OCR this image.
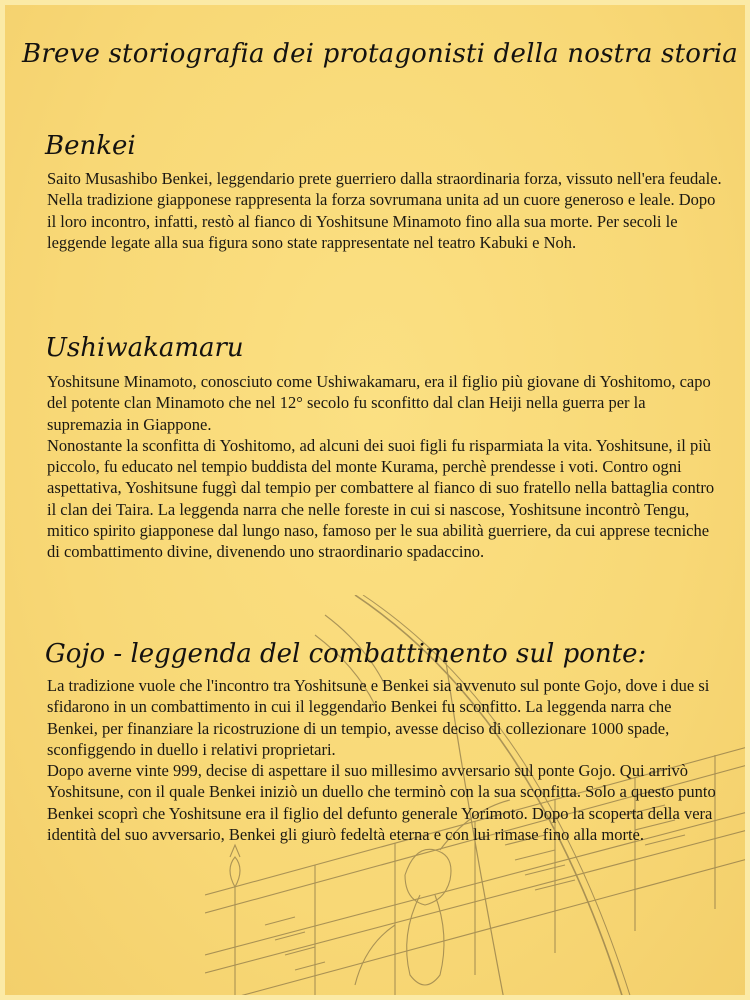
Breve storiografia dei protagonisti della nostra storia
Benkei

Saito Musashibo Benkei, leggendario prete guerriero dalla straordinaria forza, vissuto nell'era feudale. Nella tradizione giapponese rappresenta la forza sovrumana unita ad un cuore generoso e leale. Dopo il loro incontro, infatti, restò al fianco di Yoshitsune Minamoto fino alla sua morte. Per secoli le leggende legate alla sua figura sono state rappresentate nel teatro Kabuki e Noh.

Ushiwakamaru

Yoshitsune Minamoto, conosciuto come Ushiwakamaru, era il figlio più giovane di Yoshitomo, capo del potente clan Minamoto che nel 12° secolo fu sconfitto dal clan Heiji nella guerra per la supremazia in Giappone.

Nonostante la sconfitta di Yoshitomo, ad alcuni dei suoi figli fu risparmiata la vita. Yoshitsune, il più piccolo, fu educato nel tempio buddista del monte Kurama, perchè prendesse i voti. Contro ogni aspettativa, Yoshitsune fuggì dal tempio per combattere al fianco di suo fratello nella battaglia contro il clan dei Taira. La leggenda narra che nelle foreste in cui si nascose, Yoshitsune incontrò Tengu, mitico spirito giapponese dal lungo naso, famoso per le sua abilità guerriere, da cui apprese tecniche di combattimento divine, divenendo uno straordinario spadaccino.

Gojo - leggenda del combattimento sul ponte:

La tradizione vuole che l'incontro tra Yoshitsune e Benkei sia avvenuto sul ponte Gojo, dove i due si sfidarono in un combattimento in cui il leggendario Benkei fu sconfitto. La leggenda narra che Benkei, per finanziare la ricostruzione di un tempio, avesse deciso di collezionare 1000 spade, sconfiggendo in duello i relativi proprietari.

Dopo averne vinte 999, decise di aspettare il suo millesimo avversario sul ponte Gojo. Qui arrivò Yoshitsune, con il quale Benkei iniziò un duello che terminò con la sua sconfitta. Solo a questo punto Benkei scoprì che Yoshitsune era il figlio del defunto generale Yorimoto. Dopo la scoperta della vera identità del suo avversario, Benkei gli giurò fedeltà eterna e con lui rimase fino alla morte.
